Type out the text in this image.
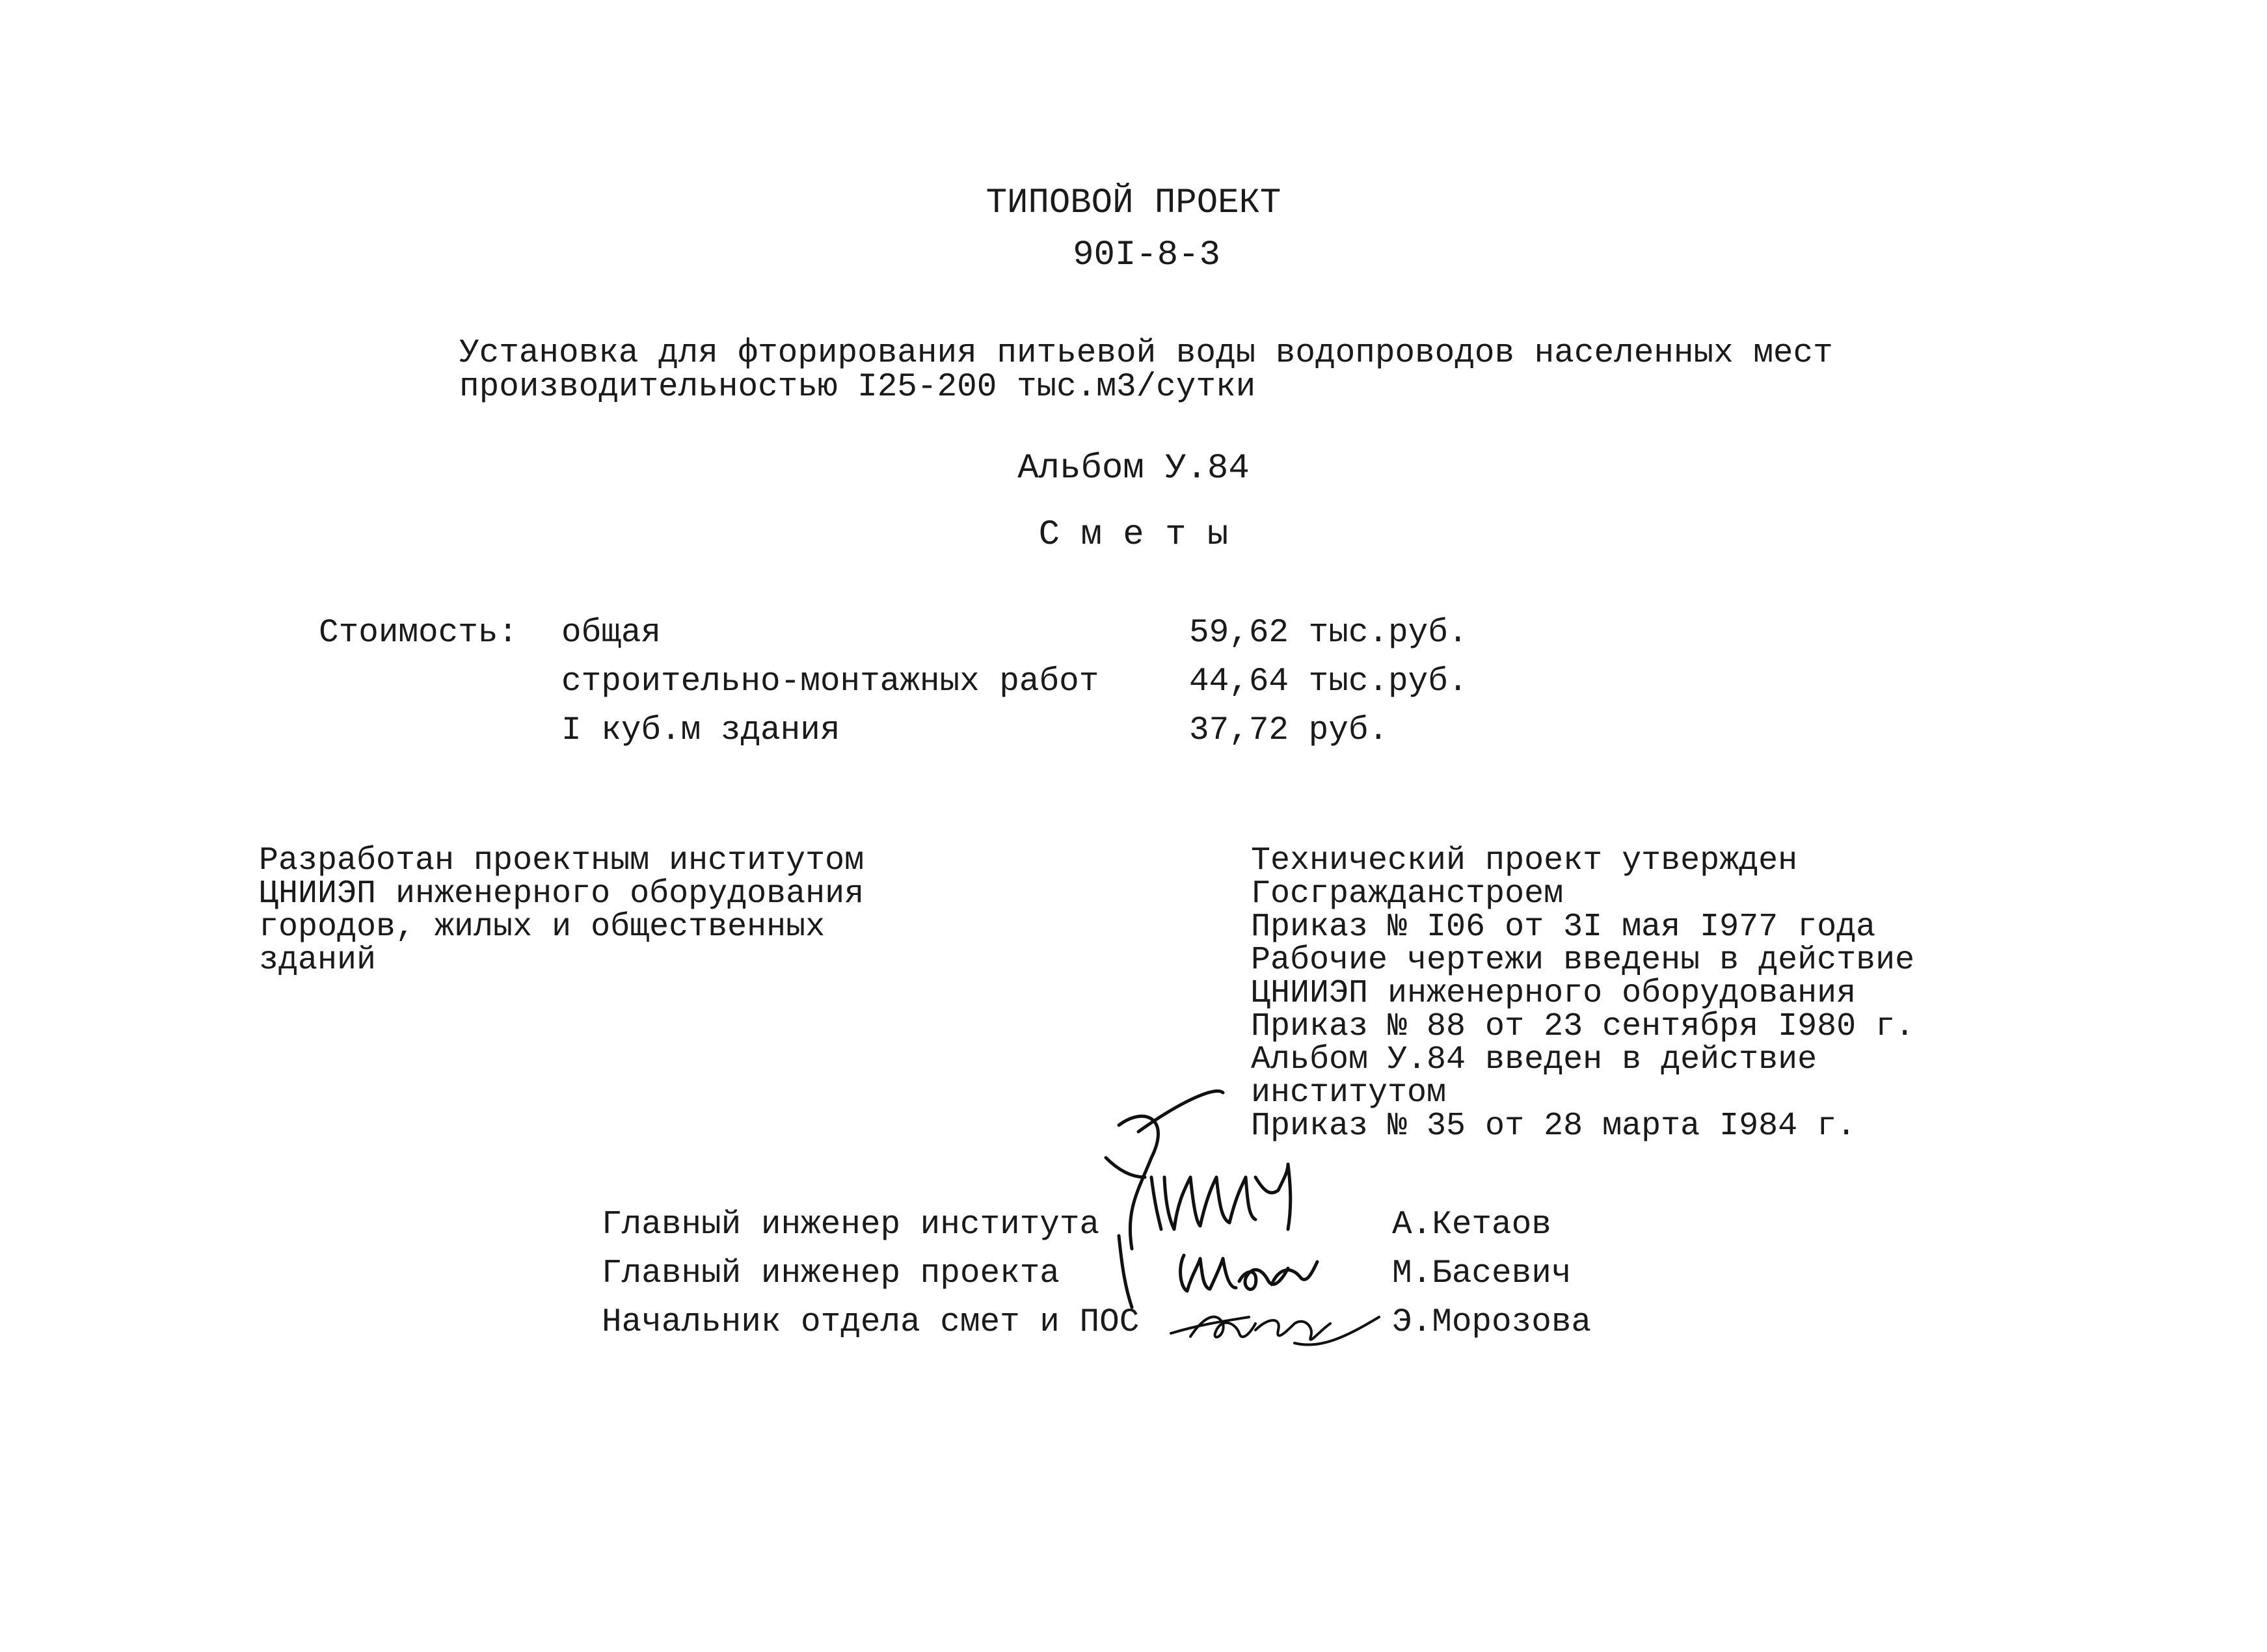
ТИПОВОЙ ПРОЕКТ
90I-8-3
Установка для фторирования питьевой воды водопроводов населенных мест
производительностью I25-200 тыс.м3/сутки
Альбом У.84
С м е т ы
Стоимость: общая	59,62 тыс.руб.
строительно-монтажных работ	44,64 тыс.руб.
I куб.м здания	37,72 руб.
Разработан проектным институтом
ЦНИИЭП инженерного оборудования
городов, жилых и общественных
зданий
Технический проект утвержден
Госгражданстроем
Приказ № I06 от 3I мая I977 года
Рабочие чертежи введены в действие
ЦНИИЭП инженерного оборудования
Приказ № 88 от 23 сентября I980 г.
Альбом У.84 введен в действие
институтом
Приказ № 35 от 28 марта I984 г.
Главный инженер института	А.Кетаов
Главный инженер проекта	М.Басевич
Начальник отдела смет и ПОС	Э.Морозова
